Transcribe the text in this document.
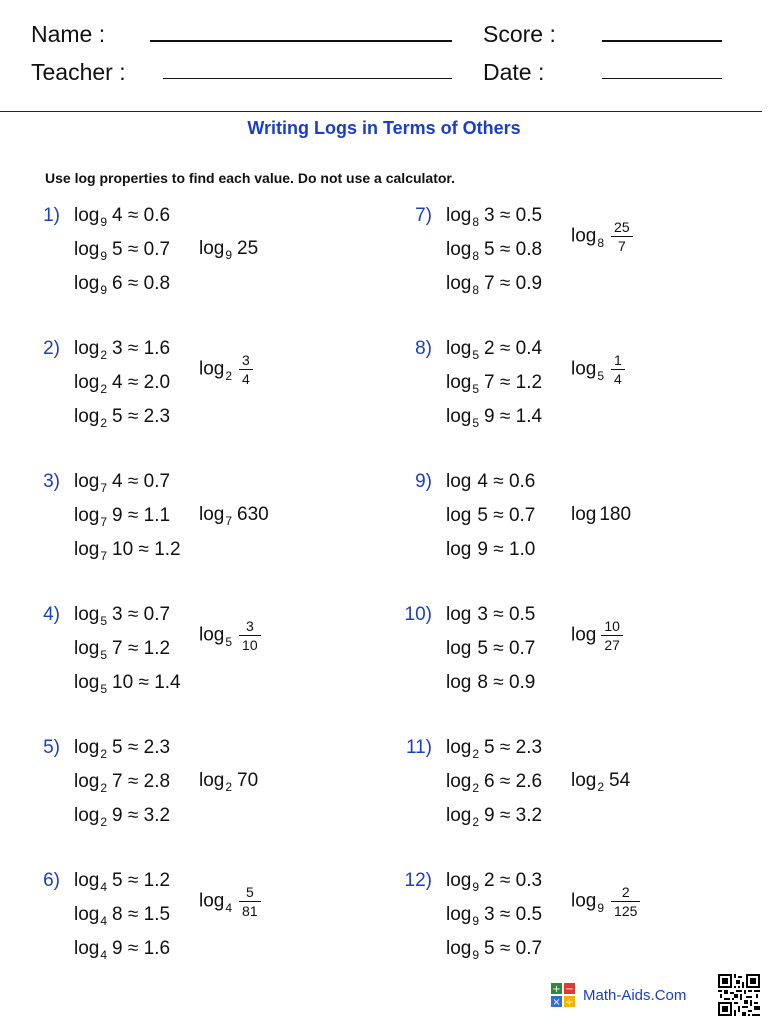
Name :
Teacher :
Score :
Date :
Writing Logs in Terms of Others
Use log properties to find each value. Do not use a calculator.
1) $\log_9 4 \approx 0.6$
$\log_9 5 \approx 0.7$
$\log_9 6 \approx 0.8$
$\log_9 25$
2) $\log_2 3 \approx 1.6$
$\log_2 4 \approx 2.0$
$\log_2 5 \approx 2.3$
$\log_2 \frac{3}{4}$
3) $\log_7 4 \approx 0.7$
$\log_7 9 \approx 1.1$
$\log_7 10 \approx 1.2$
$\log_7 630$
4) $\log_5 3 \approx 0.7$
$\log_5 7 \approx 1.2$
$\log_5 10 \approx 1.4$
$\log_5 \frac{3}{10}$
5) $\log_2 5 \approx 2.3$
$\log_2 7 \approx 2.8$
$\log_2 9 \approx 3.2$
$\log_2 70$
6) $\log_4 5 \approx 1.2$
$\log_4 8 \approx 1.5$
$\log_4 9 \approx 1.6$
$\log_4 \frac{5}{81}$
7) $\log_8 3 \approx 0.5$
$\log_8 5 \approx 0.8$
$\log_8 7 \approx 0.9$
$\log_8 \frac{25}{7}$
8) $\log_5 2 \approx 0.4$
$\log_5 7 \approx 1.2$
$\log_5 9 \approx 1.4$
$\log_5 \frac{1}{4}$
9) log 4 ≈ 0.6
log 5 ≈ 0.7
log 9 ≈ 1.0
log 180
10) log 3 ≈ 0.5
log 5 ≈ 0.7
log 8 ≈ 0.9
$\log \frac{10}{27}$
11) $\log_2 5 \approx 2.3$
$\log_2 6 \approx 2.6$
$\log_2 9 \approx 3.2$
$\log_2 54$
12) $\log_9 2 \approx 0.3$
$\log_9 3 \approx 0.5$
$\log_9 5 \approx 0.7$
$\log_9 \frac{2}{125}$
+ −
× ÷ Math-Aids.Com
